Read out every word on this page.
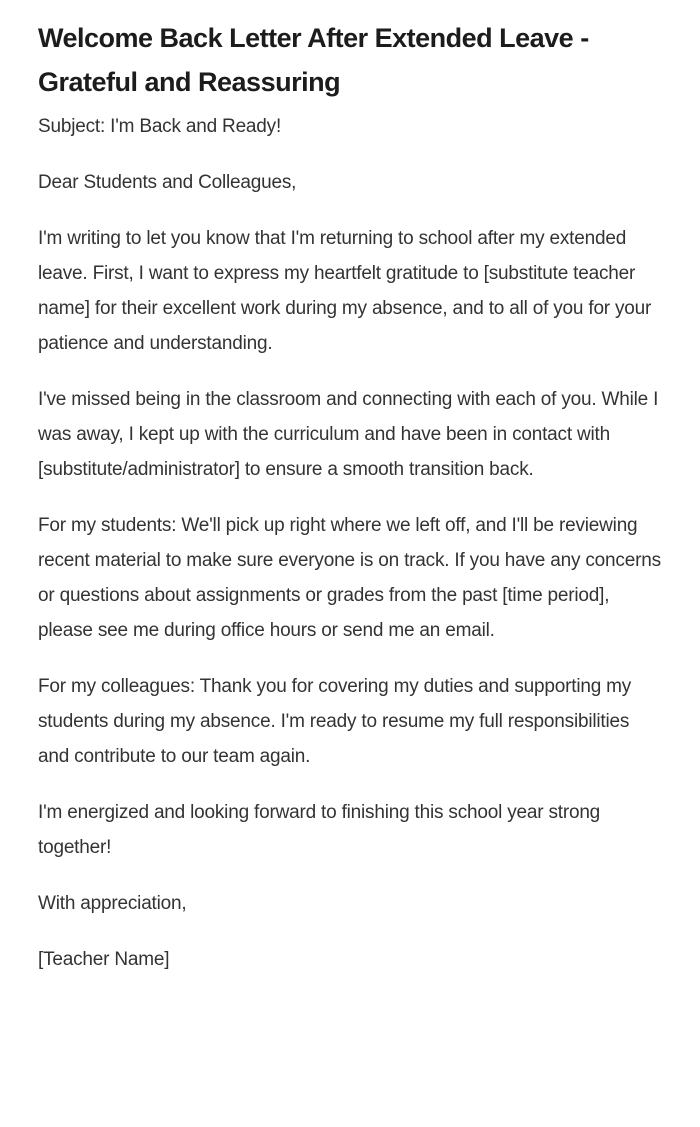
Welcome Back Letter After Extended Leave - Grateful and Reassuring

Subject: I'm Back and Ready!

Dear Students and Colleagues,

I'm writing to let you know that I'm returning to school after my extended leave. First, I want to express my heartfelt gratitude to [substitute teacher name] for their excellent work during my absence, and to all of you for your patience and understanding.

I've missed being in the classroom and connecting with each of you. While I was away, I kept up with the curriculum and have been in contact with [substitute/administrator] to ensure a smooth transition back.

For my students: We'll pick up right where we left off, and I'll be reviewing recent material to make sure everyone is on track. If you have any concerns or questions about assignments or grades from the past [time period], please see me during office hours or send me an email.

For my colleagues: Thank you for covering my duties and supporting my students during my absence. I'm ready to resume my full responsibilities and contribute to our team again.

I'm energized and looking forward to finishing this school year strong together!

With appreciation,

[Teacher Name]
